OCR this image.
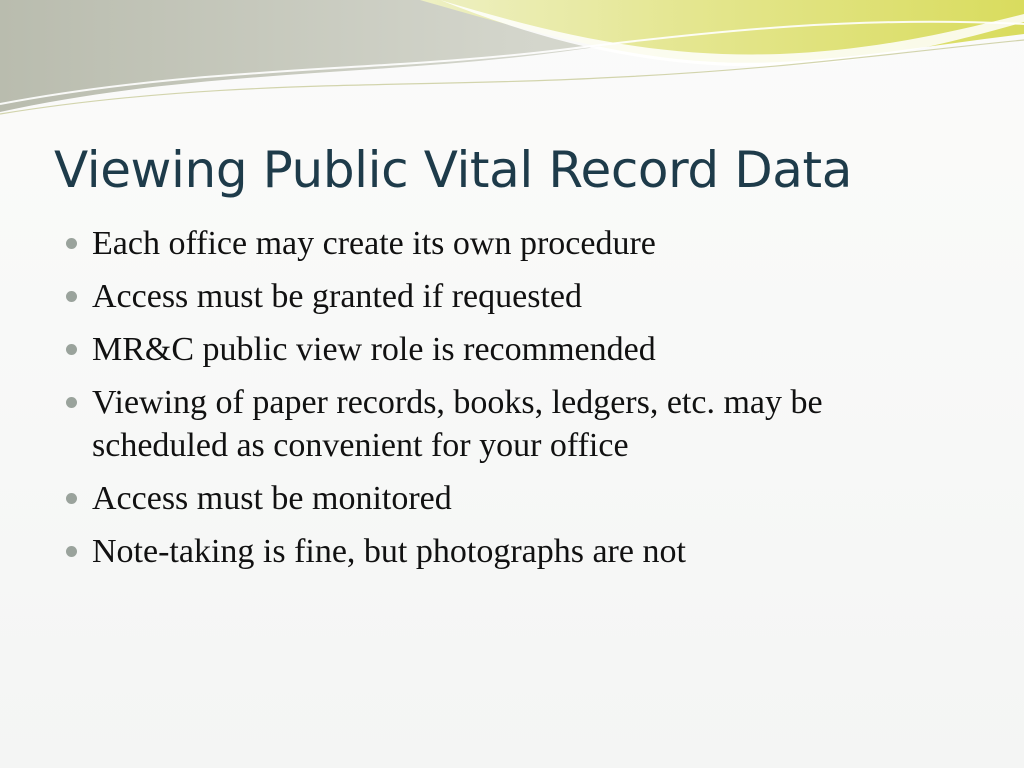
Viewing Public Vital Record Data
Each office may create its own procedure
Access must be granted if requested
MR&C public view role is recommended
Viewing of paper records, books, ledgers, etc. may be scheduled as convenient for your office
Access must be monitored
Note-taking is fine, but photographs are not
